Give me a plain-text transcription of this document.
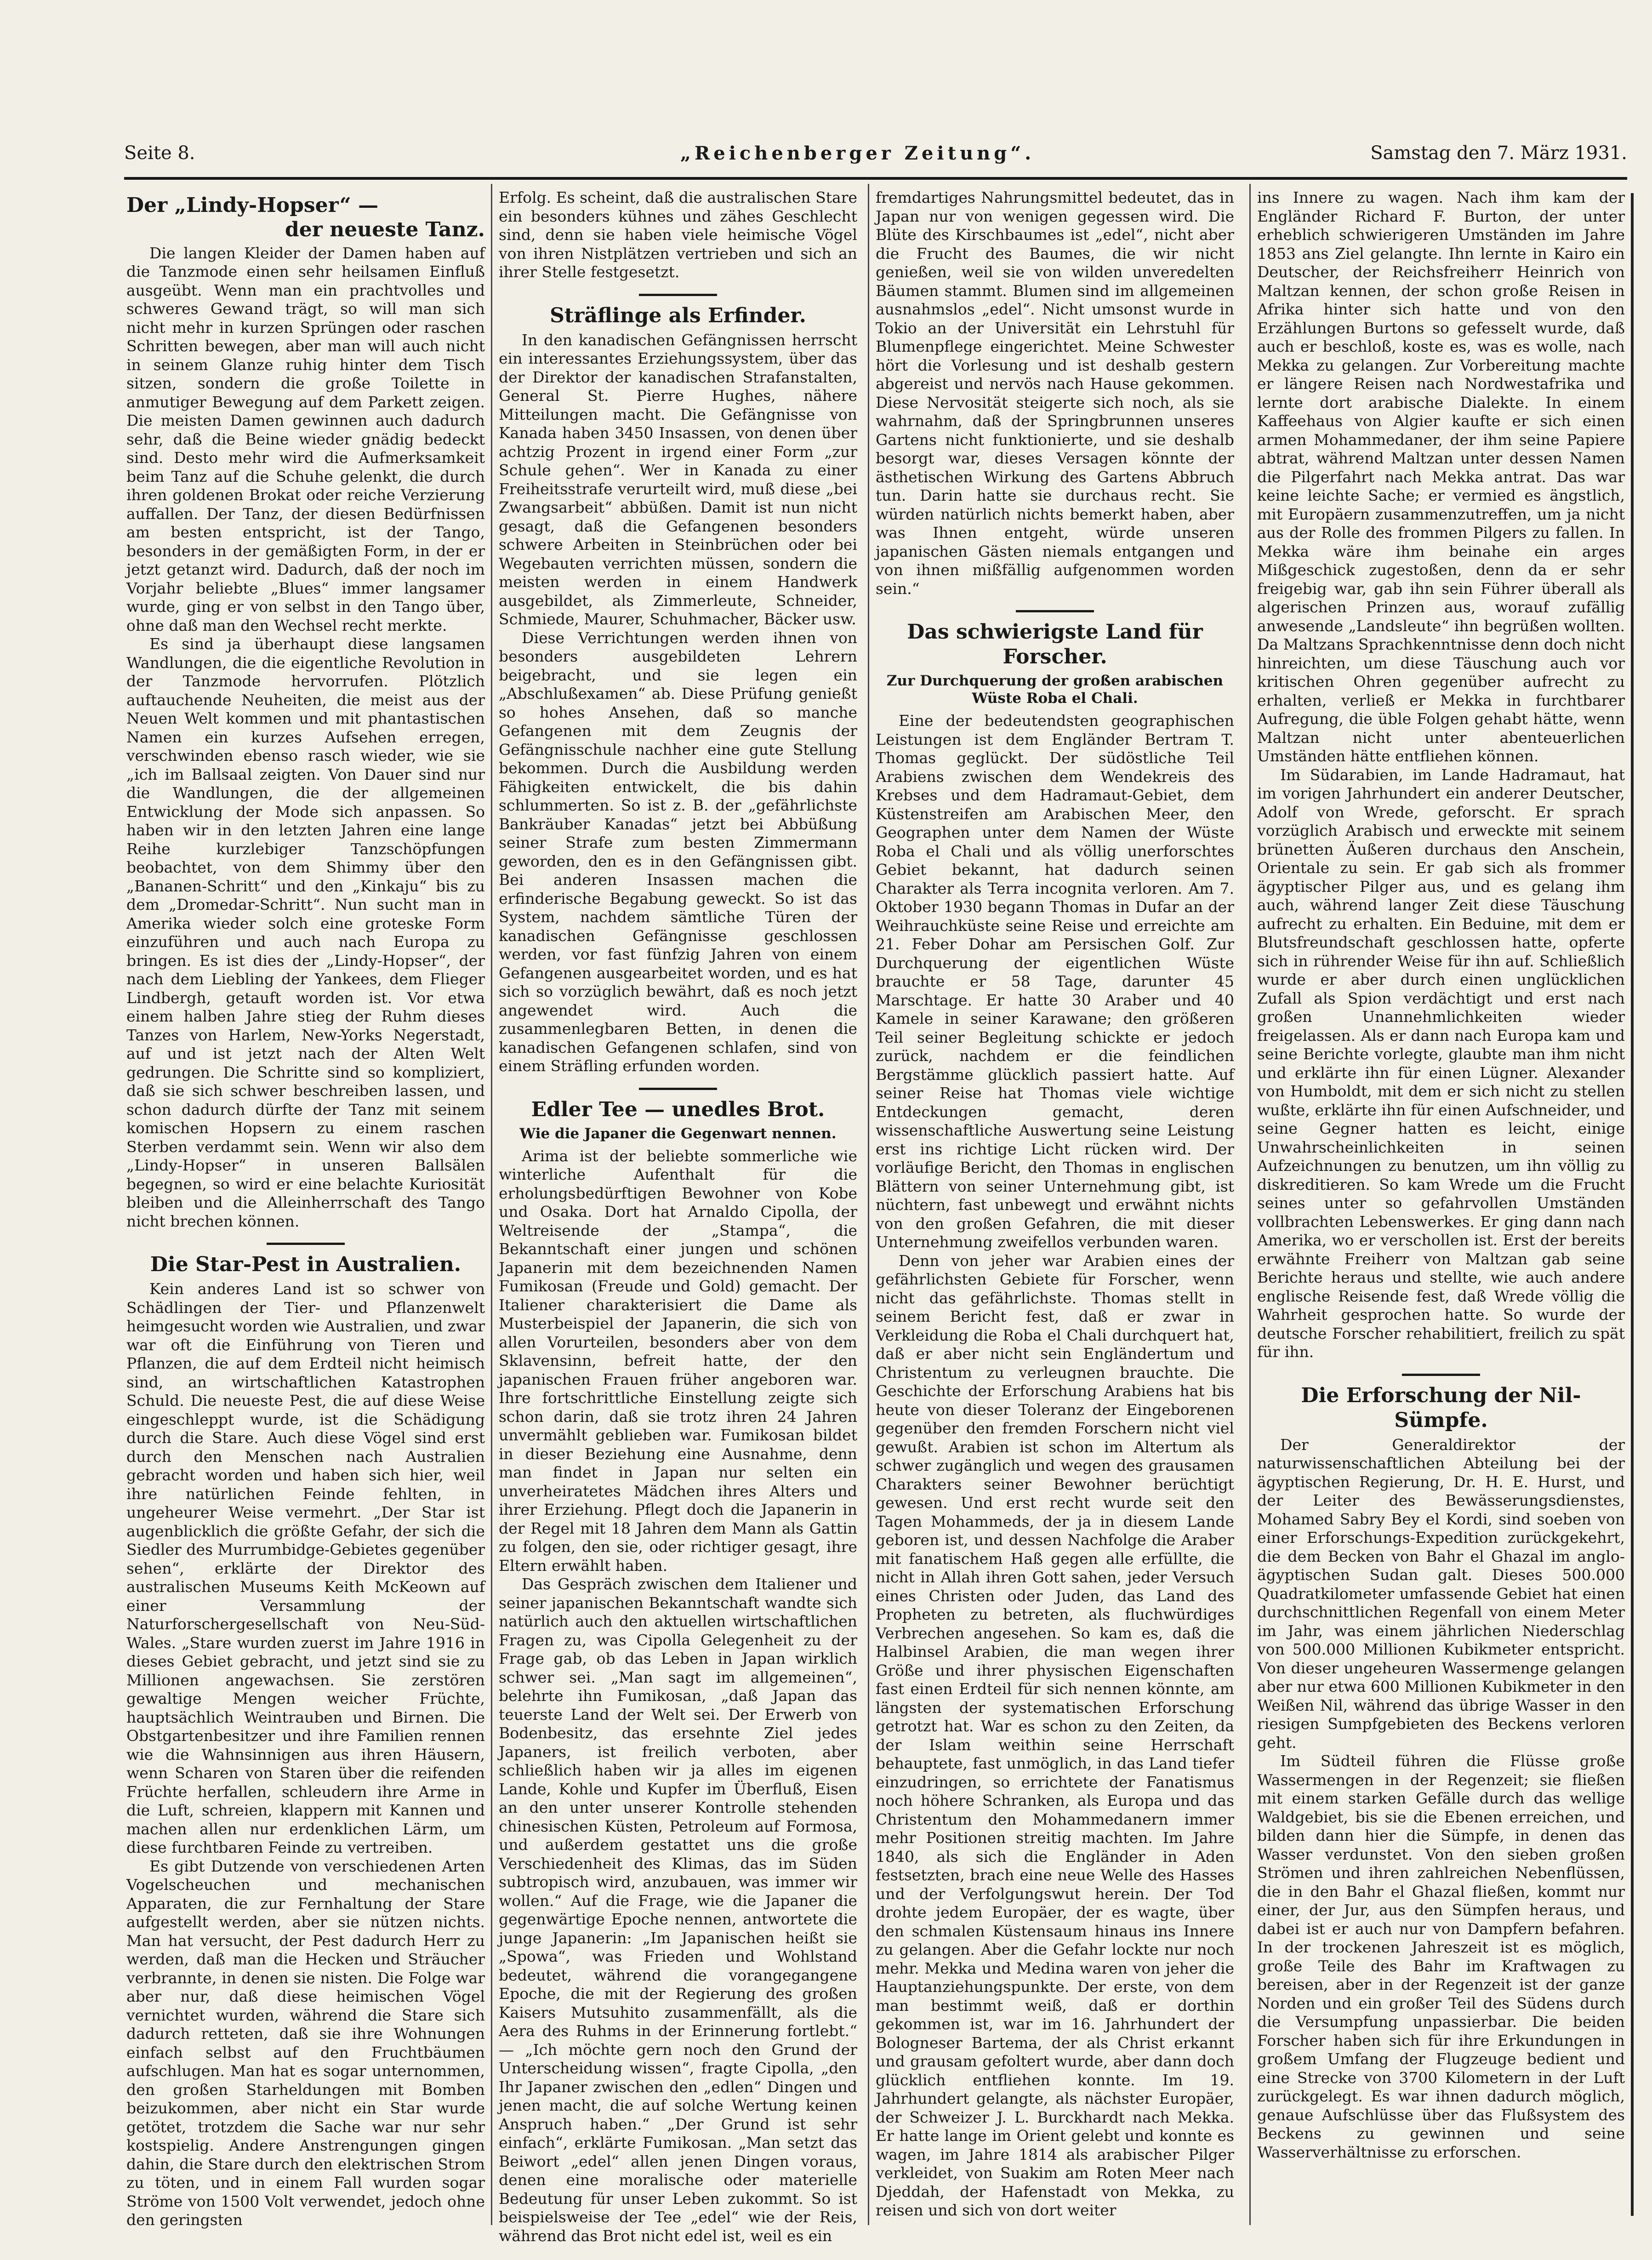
Seite 8.	„Reichenberger Zeitung“.	Samstag den 7. März 1931.
Der „Lindy-Hopser“ —
der neueste Tanz.

Die langen Kleider der Damen haben auf die Tanzmode einen sehr heilsamen Einfluß ausgeübt. Wenn man ein prachtvolles und schweres Gewand trägt, so will man sich nicht mehr in kurzen Sprüngen oder raschen Schritten bewegen, aber man will auch nicht in seinem Glanze ruhig hinter dem Tisch sitzen, sondern die große Toilette in anmutiger Bewegung auf dem Parkett zeigen. Die meisten Damen gewinnen auch dadurch sehr, daß die Beine wieder gnädig bedeckt sind. Desto mehr wird die Aufmerksamkeit beim Tanz auf die Schuhe gelenkt, die durch ihren goldenen Brokat oder reiche Verzierung auffallen. Der Tanz, der diesen Bedürfnissen am besten entspricht, ist der Tango, besonders in der gemäßigten Form, in der er jetzt getanzt wird. Dadurch, daß der noch im Vorjahr beliebte „Blues“ immer langsamer wurde, ging er von selbst in den Tango über, ohne daß man den Wechsel recht merkte.

Es sind ja überhaupt diese langsamen Wandlungen, die die eigentliche Revolution in der Tanzmode hervorrufen. Plötzlich auftauchende Neuheiten, die meist aus der Neuen Welt kommen und mit phantastischen Namen ein kurzes Aufsehen erregen, verschwinden ebenso rasch wieder, wie sie „ich im Ballsaal zeigten. Von Dauer sind nur die Wandlungen, die der allgemeinen Entwicklung der Mode sich anpassen. So haben wir in den letzten Jahren eine lange Reihe kurzlebiger Tanzschöpfungen beobachtet, von dem Shimmy über den „Bananen-Schritt“ und den „Kinkaju“ bis zu dem „Dromedar-Schritt“. Nun sucht man in Amerika wieder solch eine groteske Form einzuführen und auch nach Europa zu bringen. Es ist dies der „Lindy-Hopser“, der nach dem Liebling der Yankees, dem Flieger Lindbergh, getauft worden ist. Vor etwa einem halben Jahre stieg der Ruhm dieses Tanzes von Harlem, New-Yorks Negerstadt, auf und ist jetzt nach der Alten Welt gedrungen. Die Schritte sind so kompliziert, daß sie sich schwer beschreiben lassen, und schon dadurch dürfte der Tanz mit seinem komischen Hopsern zu einem raschen Sterben verdammt sein. Wenn wir also dem „Lindy-Hopser“ in unseren Ballsälen begegnen, so wird er eine belachte Kuriosität bleiben und die Alleinherrschaft des Tango nicht brechen können.

Die Star-Pest in Australien.

Kein anderes Land ist so schwer von Schädlingen der Tier- und Pflanzenwelt heimgesucht worden wie Australien, und zwar war oft die Einführung von Tieren und Pflanzen, die auf dem Erdteil nicht heimisch sind, an wirtschaftlichen Katastrophen Schuld. Die neueste Pest, die auf diese Weise eingeschleppt wurde, ist die Schädigung durch die Stare. Auch diese Vögel sind erst durch den Menschen nach Australien gebracht worden und haben sich hier, weil ihre natürlichen Feinde fehlten, in ungeheurer Weise vermehrt. „Der Star ist augenblicklich die größte Gefahr, der sich die Siedler des Murrumbidge-Gebietes gegenüber sehen“, erklärte der Direktor des australischen Museums Keith McKeown auf einer Versammlung der Naturforschergesellschaft von Neu-Süd-Wales. „Stare wurden zuerst im Jahre 1916 in dieses Gebiet gebracht, und jetzt sind sie zu Millionen angewachsen. Sie zerstören gewaltige Mengen weicher Früchte, hauptsächlich Weintrauben und Birnen. Die Obstgartenbesitzer und ihre Familien rennen wie die Wahnsinnigen aus ihren Häusern, wenn Scharen von Staren über die reifenden Früchte herfallen, schleudern ihre Arme in die Luft, schreien, klappern mit Kannen und machen allen nur erdenklichen Lärm, um diese furchtbaren Feinde zu vertreiben.

Es gibt Dutzende von verschiedenen Arten Vogelscheuchen und mechanischen Apparaten, die zur Fernhaltung der Stare aufgestellt werden, aber sie nützen nichts. Man hat versucht, der Pest dadurch Herr zu werden, daß man die Hecken und Sträucher verbrannte, in denen sie nisten. Die Folge war aber nur, daß diese heimischen Vögel vernichtet wurden, während die Stare sich dadurch retteten, daß sie ihre Wohnungen einfach selbst auf den Fruchtbäumen aufschlugen. Man hat es sogar unternommen, den großen Starheldungen mit Bomben beizukommen, aber nicht ein Star wurde getötet, trotzdem die Sache war nur sehr kostspielig. Andere Anstrengungen gingen dahin, die Stare durch den elektrischen Strom zu töten, und in einem Fall wurden sogar Ströme von 1500 Volt verwendet, jedoch ohne den geringsten

Erfolg. Es scheint, daß die australischen Stare ein besonders kühnes und zähes Geschlecht sind, denn sie haben viele heimische Vögel von ihren Nistplätzen vertrieben und sich an ihrer Stelle festgesetzt.

Sträflinge als Erfinder.

In den kanadischen Gefängnissen herrscht ein interessantes Erziehungssystem, über das der Direktor der kanadischen Strafanstalten, General St. Pierre Hughes, nähere Mitteilungen macht. Die Gefängnisse von Kanada haben 3450 Insassen, von denen über achtzig Prozent in irgend einer Form „zur Schule gehen“. Wer in Kanada zu einer Freiheitsstrafe verurteilt wird, muß diese „bei Zwangsarbeit“ abbüßen. Damit ist nun nicht gesagt, daß die Gefangenen besonders schwere Arbeiten in Steinbrüchen oder bei Wegebauten verrichten müssen, sondern die meisten werden in einem Handwerk ausgebildet, als Zimmerleute, Schneider, Schmiede, Maurer, Schuhmacher, Bäcker usw.

Diese Verrichtungen werden ihnen von besonders ausgebildeten Lehrern beigebracht, und sie legen ein „Abschlußexamen“ ab. Diese Prüfung genießt so hohes Ansehen, daß so manche Gefangenen mit dem Zeugnis der Gefängnisschule nachher eine gute Stellung bekommen. Durch die Ausbildung werden Fähigkeiten entwickelt, die bis dahin schlummerten. So ist z. B. der „gefährlichste Bankräuber Kanadas“ jetzt bei Abbüßung seiner Strafe zum besten Zimmermann geworden, den es in den Gefängnissen gibt. Bei anderen Insassen machen die erfinderische Begabung geweckt. So ist das System, nachdem sämtliche Türen der kanadischen Gefängnisse geschlossen werden, vor fast fünfzig Jahren von einem Gefangenen ausgearbeitet worden, und es hat sich so vorzüglich bewährt, daß es noch jetzt angewendet wird. Auch die zusammenlegbaren Betten, in denen die kanadischen Gefangenen schlafen, sind von einem Sträfling erfunden worden.

Edler Tee — unedles Brot.
Wie die Japaner die Gegenwart nennen.

Arima ist der beliebte sommerliche wie winterliche Aufenthalt für die erholungsbedürftigen Bewohner von Kobe und Osaka. Dort hat Arnaldo Cipolla, der Weltreisende der „Stampa“, die Bekanntschaft einer jungen und schönen Japanerin mit dem bezeichnenden Namen Fumikosan (Freude und Gold) gemacht. Der Italiener charakterisiert die Dame als Musterbeispiel der Japanerin, die sich von allen Vorurteilen, besonders aber von dem Sklavensinn, befreit hatte, der den japanischen Frauen früher angeboren war. Ihre fortschrittliche Einstellung zeigte sich schon darin, daß sie trotz ihren 24 Jahren unvermählt geblieben war. Fumikosan bildet in dieser Beziehung eine Ausnahme, denn man findet in Japan nur selten ein unverheiratetes Mädchen ihres Alters und ihrer Erziehung. Pflegt doch die Japanerin in der Regel mit 18 Jahren dem Mann als Gattin zu folgen, den sie, oder richtiger gesagt, ihre Eltern erwählt haben.

Das Gespräch zwischen dem Italiener und seiner japanischen Bekanntschaft wandte sich natürlich auch den aktuellen wirtschaftlichen Fragen zu, was Cipolla Gelegenheit zu der Frage gab, ob das Leben in Japan wirklich schwer sei. „Man sagt im allgemeinen“, belehrte ihn Fumikosan, „daß Japan das teuerste Land der Welt sei. Der Erwerb von Bodenbesitz, das ersehnte Ziel jedes Japaners, ist freilich verboten, aber schließlich haben wir ja alles im eigenen Lande, Kohle und Kupfer im Überfluß, Eisen an den unter unserer Kontrolle stehenden chinesischen Küsten, Petroleum auf Formosa, und außerdem gestattet uns die große Verschiedenheit des Klimas, das im Süden subtropisch wird, anzubauen, was immer wir wollen.“ Auf die Frage, wie die Japaner die gegenwärtige Epoche nennen, antwortete die junge Japanerin: „Im Japanischen heißt sie „Spowa“, was Frieden und Wohlstand bedeutet, während die vorangegangene Epoche, die mit der Regierung des großen Kaisers Mutsuhito zusammenfällt, als die Aera des Ruhms in der Erinnerung fortlebt.“ — „Ich möchte gern noch den Grund der Unterscheidung wissen“, fragte Cipolla, „den Ihr Japaner zwischen den „edlen“ Dingen und jenen macht, die auf solche Wertung keinen Anspruch haben.“ „Der Grund ist sehr einfach“, erklärte Fumikosan. „Man setzt das Beiwort „edel“ allen jenen Dingen voraus, denen eine moralische oder materielle Bedeutung für unser Leben zukommt. So ist beispielsweise der Tee „edel“ wie der Reis, während das Brot nicht edel ist, weil es ein

fremdartiges Nahrungsmittel bedeutet, das in Japan nur von wenigen gegessen wird. Die Blüte des Kirschbaumes ist „edel“, nicht aber die Frucht des Baumes, die wir nicht genießen, weil sie von wilden unveredelten Bäumen stammt. Blumen sind im allgemeinen ausnahmslos „edel“. Nicht umsonst wurde in Tokio an der Universität ein Lehrstuhl für Blumenpflege eingerichtet. Meine Schwester hört die Vorlesung und ist deshalb gestern abgereist und nervös nach Hause gekommen. Diese Nervosität steigerte sich noch, als sie wahrnahm, daß der Springbrunnen unseres Gartens nicht funktionierte, und sie deshalb besorgt war, dieses Versagen könnte der ästhetischen Wirkung des Gartens Abbruch tun. Darin hatte sie durchaus recht. Sie würden natürlich nichts bemerkt haben, aber was Ihnen entgeht, würde unseren japanischen Gästen niemals entgangen und von ihnen mißfällig aufgenommen worden sein.“

Das schwierigste Land für Forscher.
Zur Durchquerung der großen arabischen Wüste Roba el Chali.

Eine der bedeutendsten geographischen Leistungen ist dem Engländer Bertram T. Thomas geglückt. Der südöstliche Teil Arabiens zwischen dem Wendekreis des Krebses und dem Hadramaut-Gebiet, dem Küstenstreifen am Arabischen Meer, den Geographen unter dem Namen der Wüste Roba el Chali und als völlig unerforschtes Gebiet bekannt, hat dadurch seinen Charakter als Terra incognita verloren. Am 7. Oktober 1930 begann Thomas in Dufar an der Weihrauchküste seine Reise und erreichte am 21. Feber Dohar am Persischen Golf. Zur Durchquerung der eigentlichen Wüste brauchte er 58 Tage, darunter 45 Marschtage. Er hatte 30 Araber und 40 Kamele in seiner Karawane; den größeren Teil seiner Begleitung schickte er jedoch zurück, nachdem er die feindlichen Bergstämme glücklich passiert hatte. Auf seiner Reise hat Thomas viele wichtige Entdeckungen gemacht, deren wissenschaftliche Auswertung seine Leistung erst ins richtige Licht rücken wird. Der vorläufige Bericht, den Thomas in englischen Blättern von seiner Unternehmung gibt, ist nüchtern, fast unbewegt und erwähnt nichts von den großen Gefahren, die mit dieser Unternehmung zweifellos verbunden waren.

Denn von jeher war Arabien eines der gefährlichsten Gebiete für Forscher, wenn nicht das gefährlichste. Thomas stellt in seinem Bericht fest, daß er zwar in Verkleidung die Roba el Chali durchquert hat, daß er aber nicht sein Engländertum und Christentum zu verleugnen brauchte. Die Geschichte der Erforschung Arabiens hat bis heute von dieser Toleranz der Eingeborenen gegenüber den fremden Forschern nicht viel gewußt. Arabien ist schon im Altertum als schwer zugänglich und wegen des grausamen Charakters seiner Bewohner berüchtigt gewesen. Und erst recht wurde seit den Tagen Mohammeds, der ja in diesem Lande geboren ist, und dessen Nachfolge die Araber mit fanatischem Haß gegen alle erfüllte, die nicht in Allah ihren Gott sahen, jeder Versuch eines Christen oder Juden, das Land des Propheten zu betreten, als fluchwürdiges Verbrechen angesehen. So kam es, daß die Halbinsel Arabien, die man wegen ihrer Größe und ihrer physischen Eigenschaften fast einen Erdteil für sich nennen könnte, am längsten der systematischen Erforschung getrotzt hat. War es schon zu den Zeiten, da der Islam weithin seine Herrschaft behauptete, fast unmöglich, in das Land tiefer einzudringen, so errichtete der Fanatismus noch höhere Schranken, als Europa und das Christentum den Mohammedanern immer mehr Positionen streitig machten. Im Jahre 1840, als sich die Engländer in Aden festsetzten, brach eine neue Welle des Hasses und der Verfolgungswut herein. Der Tod drohte jedem Europäer, der es wagte, über den schmalen Küstensaum hinaus ins Innere zu gelangen. Aber die Gefahr lockte nur noch mehr. Mekka und Medina waren von jeher die Hauptanziehungspunkte. Der erste, von dem man bestimmt weiß, daß er dorthin gekommen ist, war im 16. Jahrhundert der Bologneser Bartema, der als Christ erkannt und grausam gefoltert wurde, aber dann doch glücklich entfliehen konnte. Im 19. Jahrhundert gelangte, als nächster Europäer, der Schweizer J. L. Burckhardt nach Mekka. Er hatte lange im Orient gelebt und konnte es wagen, im Jahre 1814 als arabischer Pilger verkleidet, von Suakim am Roten Meer nach Djeddah, der Hafenstadt von Mekka, zu reisen und sich von dort weiter

ins Innere zu wagen. Nach ihm kam der Engländer Richard F. Burton, der unter erheblich schwierigeren Umständen im Jahre 1853 ans Ziel gelangte. Ihn lernte in Kairo ein Deutscher, der Reichsfreiherr Heinrich von Maltzan kennen, der schon große Reisen in Afrika hinter sich hatte und von den Erzählungen Burtons so gefesselt wurde, daß auch er beschloß, koste es, was es wolle, nach Mekka zu gelangen. Zur Vorbereitung machte er längere Reisen nach Nordwestafrika und lernte dort arabische Dialekte. In einem Kaffeehaus von Algier kaufte er sich einen armen Mohammedaner, der ihm seine Papiere abtrat, während Maltzan unter dessen Namen die Pilgerfahrt nach Mekka antrat. Das war keine leichte Sache; er vermied es ängstlich, mit Europäern zusammenzutreffen, um ja nicht aus der Rolle des frommen Pilgers zu fallen. In Mekka wäre ihm beinahe ein arges Mißgeschick zugestoßen, denn da er sehr freigebig war, gab ihn sein Führer überall als algerischen Prinzen aus, worauf zufällig anwesende „Landsleute“ ihn begrüßen wollten. Da Maltzans Sprachkenntnisse denn doch nicht hinreichten, um diese Täuschung auch vor kritischen Ohren gegenüber aufrecht zu erhalten, verließ er Mekka in furchtbarer Aufregung, die üble Folgen gehabt hätte, wenn Maltzan nicht unter abenteuerlichen Umständen hätte entfliehen können.

Im Südarabien, im Lande Hadramaut, hat im vorigen Jahrhundert ein anderer Deutscher, Adolf von Wrede, geforscht. Er sprach vorzüglich Arabisch und erweckte mit seinem brünetten Äußeren durchaus den Anschein, Orientale zu sein. Er gab sich als frommer ägyptischer Pilger aus, und es gelang ihm auch, während langer Zeit diese Täuschung aufrecht zu erhalten. Ein Beduine, mit dem er Blutsfreundschaft geschlossen hatte, opferte sich in rührender Weise für ihn auf. Schließlich wurde er aber durch einen unglücklichen Zufall als Spion verdächtigt und erst nach großen Unannehmlichkeiten wieder freigelassen. Als er dann nach Europa kam und seine Berichte vorlegte, glaubte man ihm nicht und erklärte ihn für einen Lügner. Alexander von Humboldt, mit dem er sich nicht zu stellen wußte, erklärte ihn für einen Aufschneider, und seine Gegner hatten es leicht, einige Unwahrscheinlichkeiten in seinen Aufzeichnungen zu benutzen, um ihn völlig zu diskreditieren. So kam Wrede um die Frucht seines unter so gefahrvollen Umständen vollbrachten Lebenswerkes. Er ging dann nach Amerika, wo er verschollen ist. Erst der bereits erwähnte Freiherr von Maltzan gab seine Berichte heraus und stellte, wie auch andere englische Reisende fest, daß Wrede völlig die Wahrheit gesprochen hatte. So wurde der deutsche Forscher rehabilitiert, freilich zu spät für ihn.

Die Erforschung der Nil-Sümpfe.

Der Generaldirektor der naturwissenschaftlichen Abteilung bei der ägyptischen Regierung, Dr. H. E. Hurst, und der Leiter des Bewässerungsdienstes, Mohamed Sabry Bey el Kordi, sind soeben von einer Erforschungs-Expedition zurückgekehrt, die dem Becken von Bahr el Ghazal im anglo-ägyptischen Sudan galt. Dieses 500.000 Quadratkilometer umfassende Gebiet hat einen durchschnittlichen Regenfall von einem Meter im Jahr, was einem jährlichen Niederschlag von 500.000 Millionen Kubikmeter entspricht. Von dieser ungeheuren Wassermenge gelangen aber nur etwa 600 Millionen Kubikmeter in den Weißen Nil, während das übrige Wasser in den riesigen Sumpfgebieten des Beckens verloren geht.

Im Südteil führen die Flüsse große Wassermengen in der Regenzeit; sie fließen mit einem starken Gefälle durch das wellige Waldgebiet, bis sie die Ebenen erreichen, und bilden dann hier die Sümpfe, in denen das Wasser verdunstet. Von den sieben großen Strömen und ihren zahlreichen Nebenflüssen, die in den Bahr el Ghazal fließen, kommt nur einer, der Jur, aus den Sümpfen heraus, und dabei ist er auch nur von Dampfern befahren. In der trockenen Jahreszeit ist es möglich, große Teile des Bahr im Kraftwagen zu bereisen, aber in der Regenzeit ist der ganze Norden und ein großer Teil des Südens durch die Versumpfung unpassierbar. Die beiden Forscher haben sich für ihre Erkundungen in großem Umfang der Flugzeuge bedient und eine Strecke von 3700 Kilometern in der Luft zurückgelegt. Es war ihnen dadurch möglich, genaue Aufschlüsse über das Flußsystem des Beckens zu gewinnen und seine Wasserverhältnisse zu erforschen.
